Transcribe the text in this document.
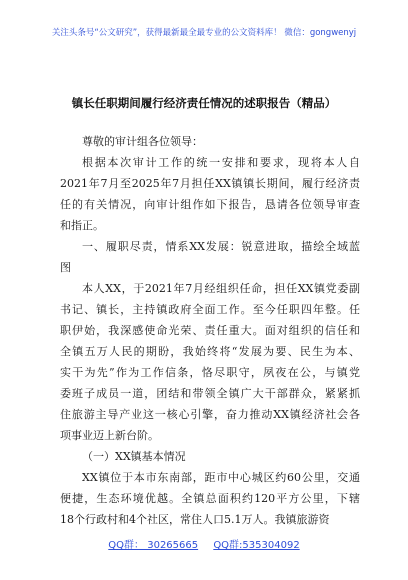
关注头条号“公文研究”，获得最新最全最专业的公文资料库！ 微信：gongwenyj
镇长任职期间履行经济责任情况的述职报告（精品）
尊敬的审计组各位领导：
根据本次审计工作的统一安排和要求，现将本人自
2021年7月至2025年7月担任XX镇镇长期间，履行经济责
任的有关情况，向审计组作如下报告，恳请各位领导审查
和指正。
一、履职尽责，情系XX发展：锐意进取，描绘全域蓝
图
本人XX，于2021年7月经组织任命，担任XX镇党委副
书记、镇长，主持镇政府全面工作。至今任职四年整。任
职伊始，我深感使命光荣、责任重大。面对组织的信任和
全镇五万人民的期盼，我始终将“发展为要、民生为本、
实干为先”作为工作信条，恪尽职守，夙夜在公，与镇党
委班子成员一道，团结和带领全镇广大干部群众，紧紧抓
住旅游主导产业这一核心引擎，奋力推动XX镇经济社会各
项事业迈上新台阶。
（一）XX镇基本情况
XX镇位于本市东南部，距市中心城区约60公里，交通
便捷，生态环境优越。全镇总面积约120平方公里，下辖
18个行政村和4个社区，常住人口5.1万人。我镇旅游资
QQ群： 30265665 QQ群:535304092
